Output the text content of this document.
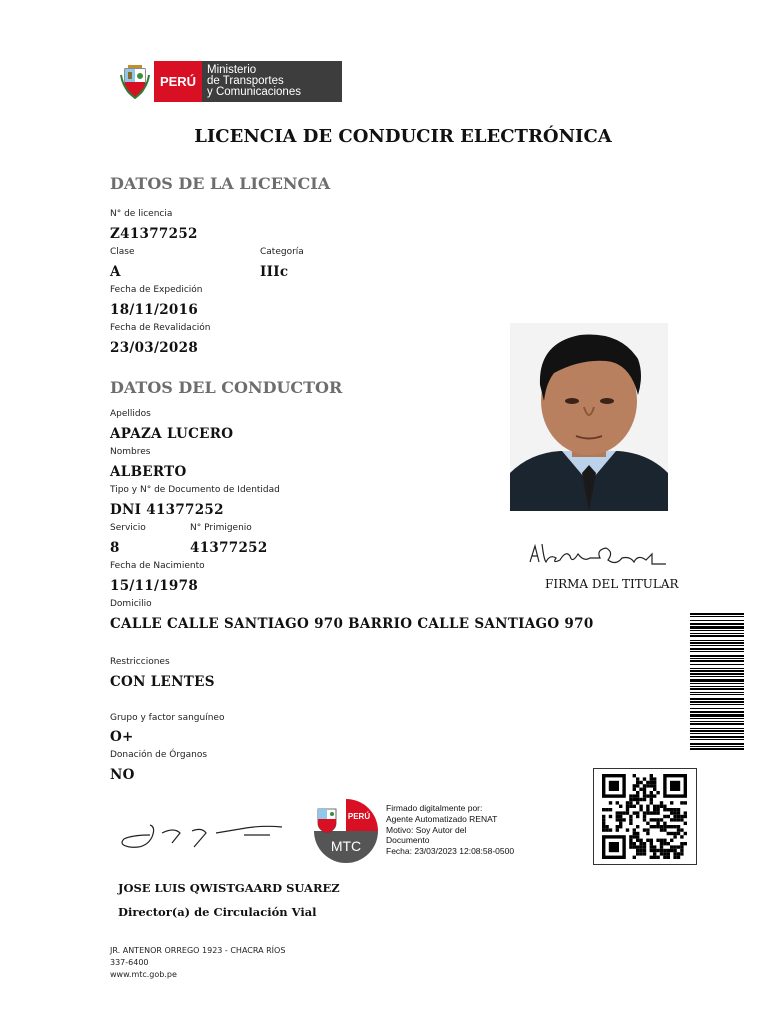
PERÚ
Ministerio
de Transportes
y Comunicaciones
LICENCIA DE CONDUCIR ELECTRÓNICA
DATOS DE LA LICENCIA
N° de licencia
Z41377252
Clase
A
Categoría
IIIc
Fecha de Expedición
18/11/2016
Fecha de Revalidación
23/03/2028
DATOS DEL CONDUCTOR
Apellidos
APAZA LUCERO
Nombres
ALBERTO
Tipo y N° de Documento de Identidad
DNI 41377252
Servicio
8
N° Primigenio
41377252
Fecha de Nacimiento
15/11/1978
Domicilio
CALLE CALLE SANTIAGO 970 BARRIO CALLE SANTIAGO 970
Restricciones
CON LENTES
Grupo y factor sanguíneo
O+
Donación de Órganos
NO
FIRMA DEL TITULAR
PERÚ
MTC
Firmado digitalmente por:
Agente Automatizado RENAT
Motivo: Soy Autor del
Documento
Fecha: 23/03/2023 12:08:58-0500
JOSE LUIS QWISTGAARD SUAREZ
Director(a) de Circulación Vial
JR. ANTENOR ORREGO 1923 - CHACRA RÍOS
337-6400
www.mtc.gob.pe
